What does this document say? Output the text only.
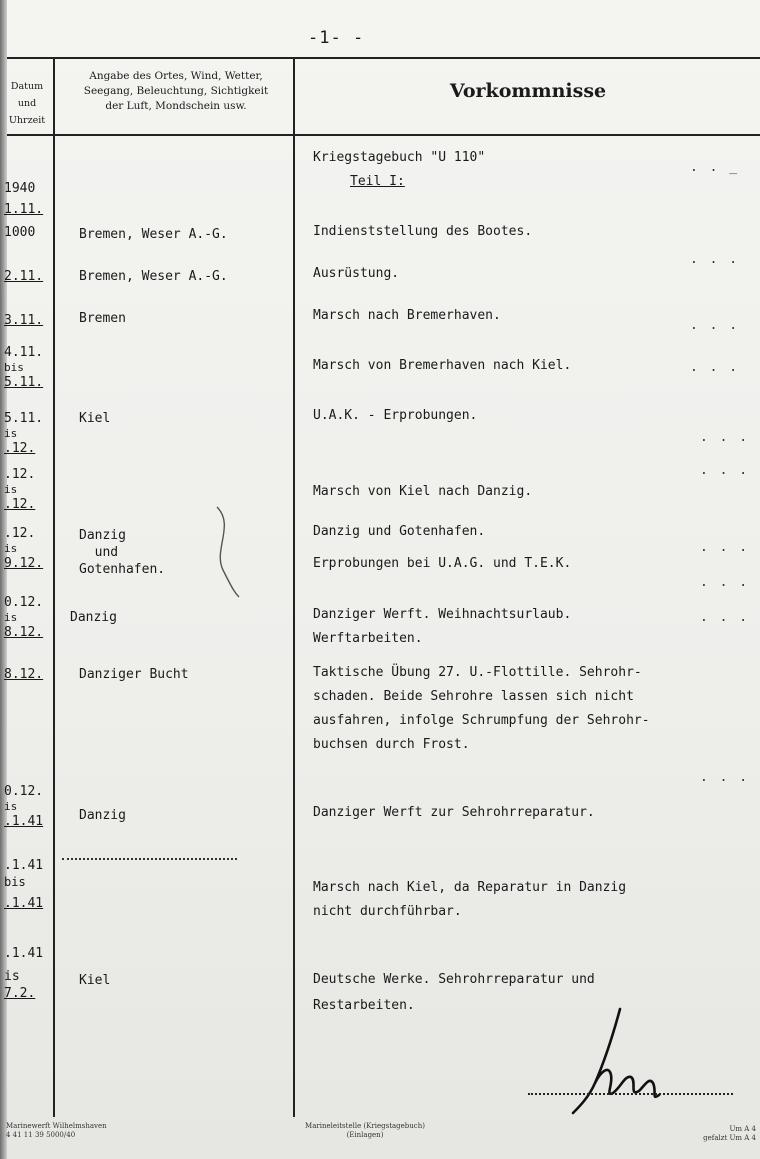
-1- -
Datum
und
Uhrzeit
Angabe des Ortes, Wind, Wetter,
Seegang, Beleuchtung, Sichtigkeit
der Luft, Mondschein usw.
Vorkommnisse
Kriegstagebuch "U 110"
Teil I:
1940
1.11.
1000
2.11.
3.11.
4.11.
bis
5.11.
5.11.
is
.12.
.12.
is
.12.
.12.
is
9.12.
0.12.
is
8.12.
8.12.
0.12.
is
.1.41
.1.41
bis
.1.41
.1.41
is
7.2.
Bremen, Weser A.-G.
Bremen, Weser A.-G.
Bremen
Kiel
Danzig
und
Gotenhafen.
Danzig
Danziger Bucht
Danzig
Kiel
Indienststellung des Bootes.
Ausrüstung.
Marsch nach Bremerhaven.
Marsch von Bremerhaven nach Kiel.
U.A.K. - Erprobungen.
Marsch von Kiel nach Danzig.
Danzig und Gotenhafen.
Erprobungen bei U.A.G. und T.E.K.
Danziger Werft. Weihnachtsurlaub.
Werftarbeiten.
Taktische Übung 27. U.-Flottille. Sehrohr-
schaden. Beide Sehrohre lassen sich nicht
ausfahren, infolge Schrumpfung der Sehrohr-
buchsen durch Frost.
Danziger Werft zur Sehrohrreparatur.
Marsch nach Kiel, da Reparatur in Danzig
nicht durchführbar.
Deutsche Werke. Sehrohrreparatur und
Restarbeiten.
. . _
. . .
. . .
. . .
. . .
. . .
. . .
. . .
. . .
. . .
Marinewerft Wilhelmshaven
4 41 11 39 5000/40
Marineleitstelle (Kriegstagebuch)
(Einlagen)
Um A 4
gefalzt Um A 4
